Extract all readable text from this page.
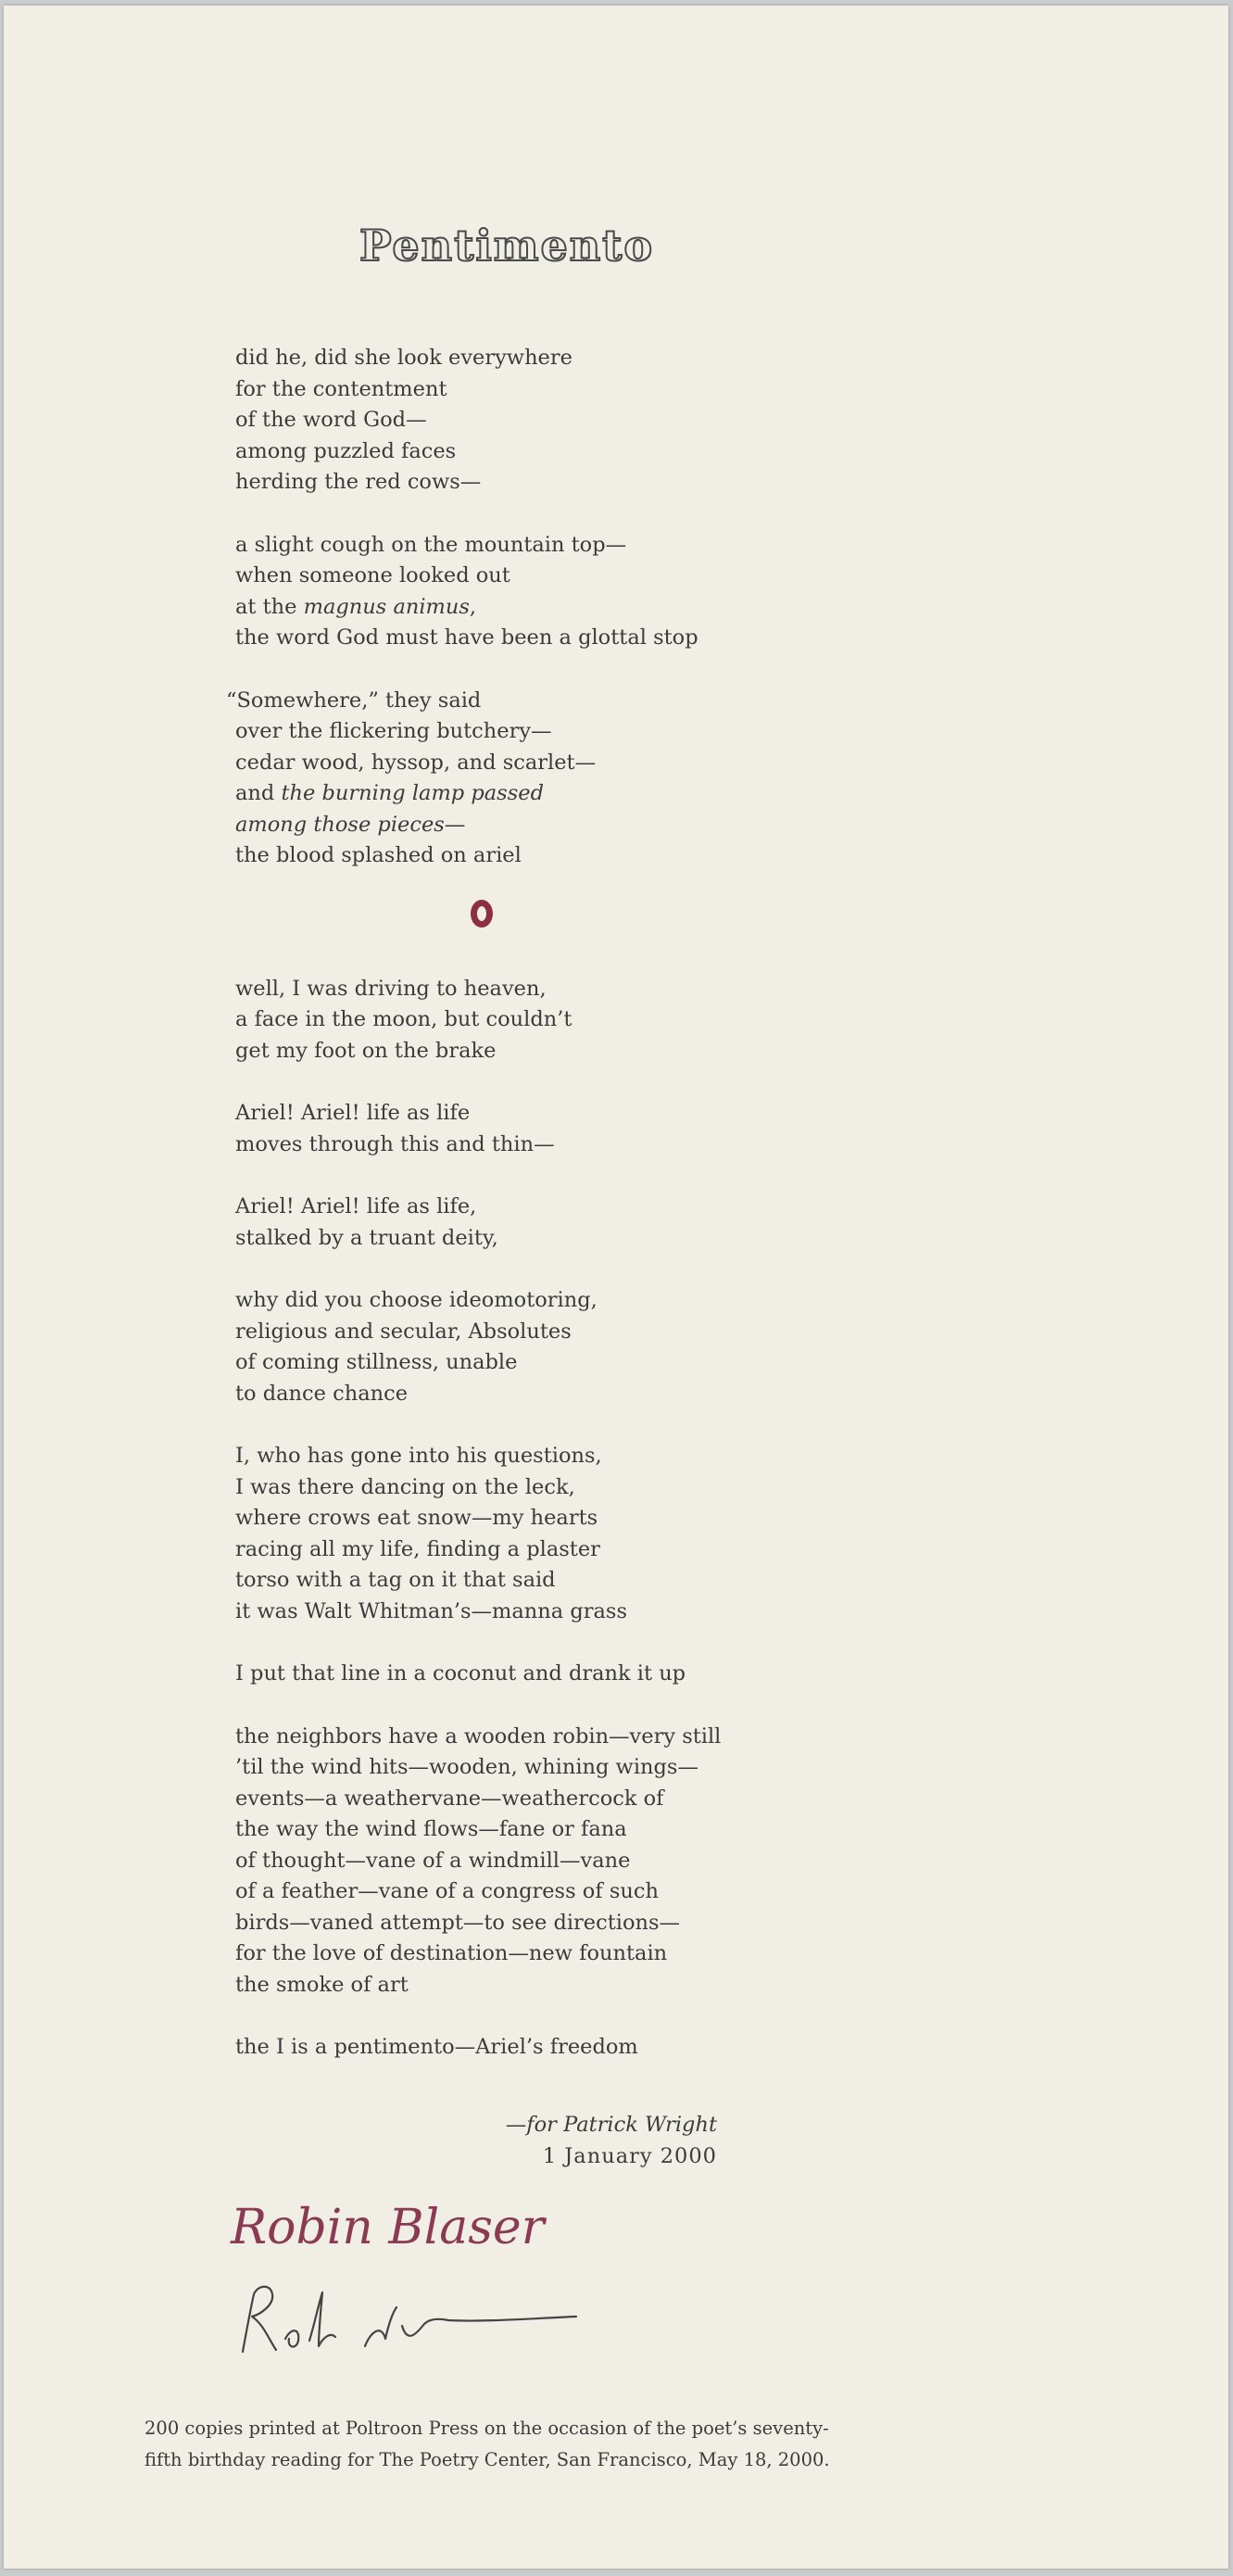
Pentimento
did he, did she look everywhere
for the contentment
of the word God—
among puzzled faces
herding the red cows—
a slight cough on the mountain top—
when someone looked out
at the magnus animus,
the word God must have been a glottal stop
“Somewhere,” they said
over the flickering butchery—
cedar wood, hyssop, and scarlet—
and the burning lamp passed
among those pieces—
the blood splashed on ariel
well, I was driving to heaven,
a face in the moon, but couldn’t
get my foot on the brake
Ariel! Ariel! life as life
moves through this and thin—
Ariel! Ariel! life as life,
stalked by a truant deity,
why did you choose ideomotoring,
religious and secular, Absolutes
of coming stillness, unable
to dance chance
I, who has gone into his questions,
I was there dancing on the leck,
where crows eat snow—my hearts
racing all my life, finding a plaster
torso with a tag on it that said
it was Walt Whitman’s—manna grass
I put that line in a coconut and drank it up
the neighbors have a wooden robin—very still
’til the wind hits—wooden, whining wings—
events—a weathervane—weathercock of
the way the wind flows—fane or fana
of thought—vane of a windmill—vane
of a feather—vane of a congress of such
birds—vaned attempt—to see directions—
for the love of destination—new fountain
the smoke of art
the I is a pentimento—Ariel’s freedom
—for Patrick Wright
1 January 2000
Robin Blaser
200 copies printed at Poltroon Press on the occasion of the poet’s seventy-
fifth birthday reading for The Poetry Center, San Francisco, May 18, 2000.
